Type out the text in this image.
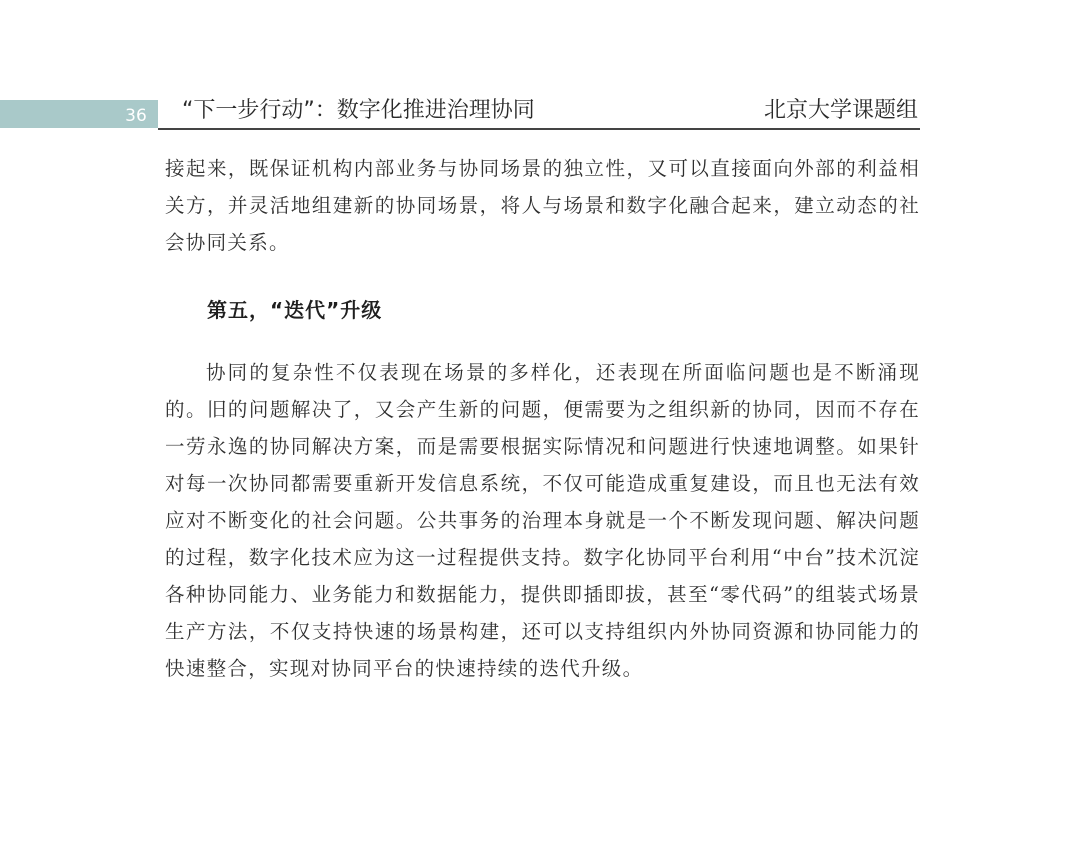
36	“下一步行动”：数字化推进治理协同	北京大学课题组
接起来，既保证机构内部业务与协同场景的独立性，又可以直接面向外部的利益相关方，并灵活地组建新的协同场景，将人与场景和数字化融合起来，建立动态的社会协同关系。
第五，“迭代”升级
协同的复杂性不仅表现在场景的多样化，还表现在所面临问题也是不断涌现的。旧的问题解决了，又会产生新的问题，便需要为之组织新的协同，因而不存在一劳永逸的协同解决方案，而是需要根据实际情况和问题进行快速地调整。如果针对每一次协同都需要重新开发信息系统，不仅可能造成重复建设，而且也无法有效应对不断变化的社会问题。公共事务的治理本身就是一个不断发现问题、解决问题的过程，数字化技术应为这一过程提供支持。数字化协同平台利用“中台”技术沉淀各种协同能力、业务能力和数据能力，提供即插即拔，甚至“零代码”的组装式场景生产方法，不仅支持快速的场景构建，还可以支持组织内外协同资源和协同能力的快速整合，实现对协同平台的快速持续的迭代升级。
